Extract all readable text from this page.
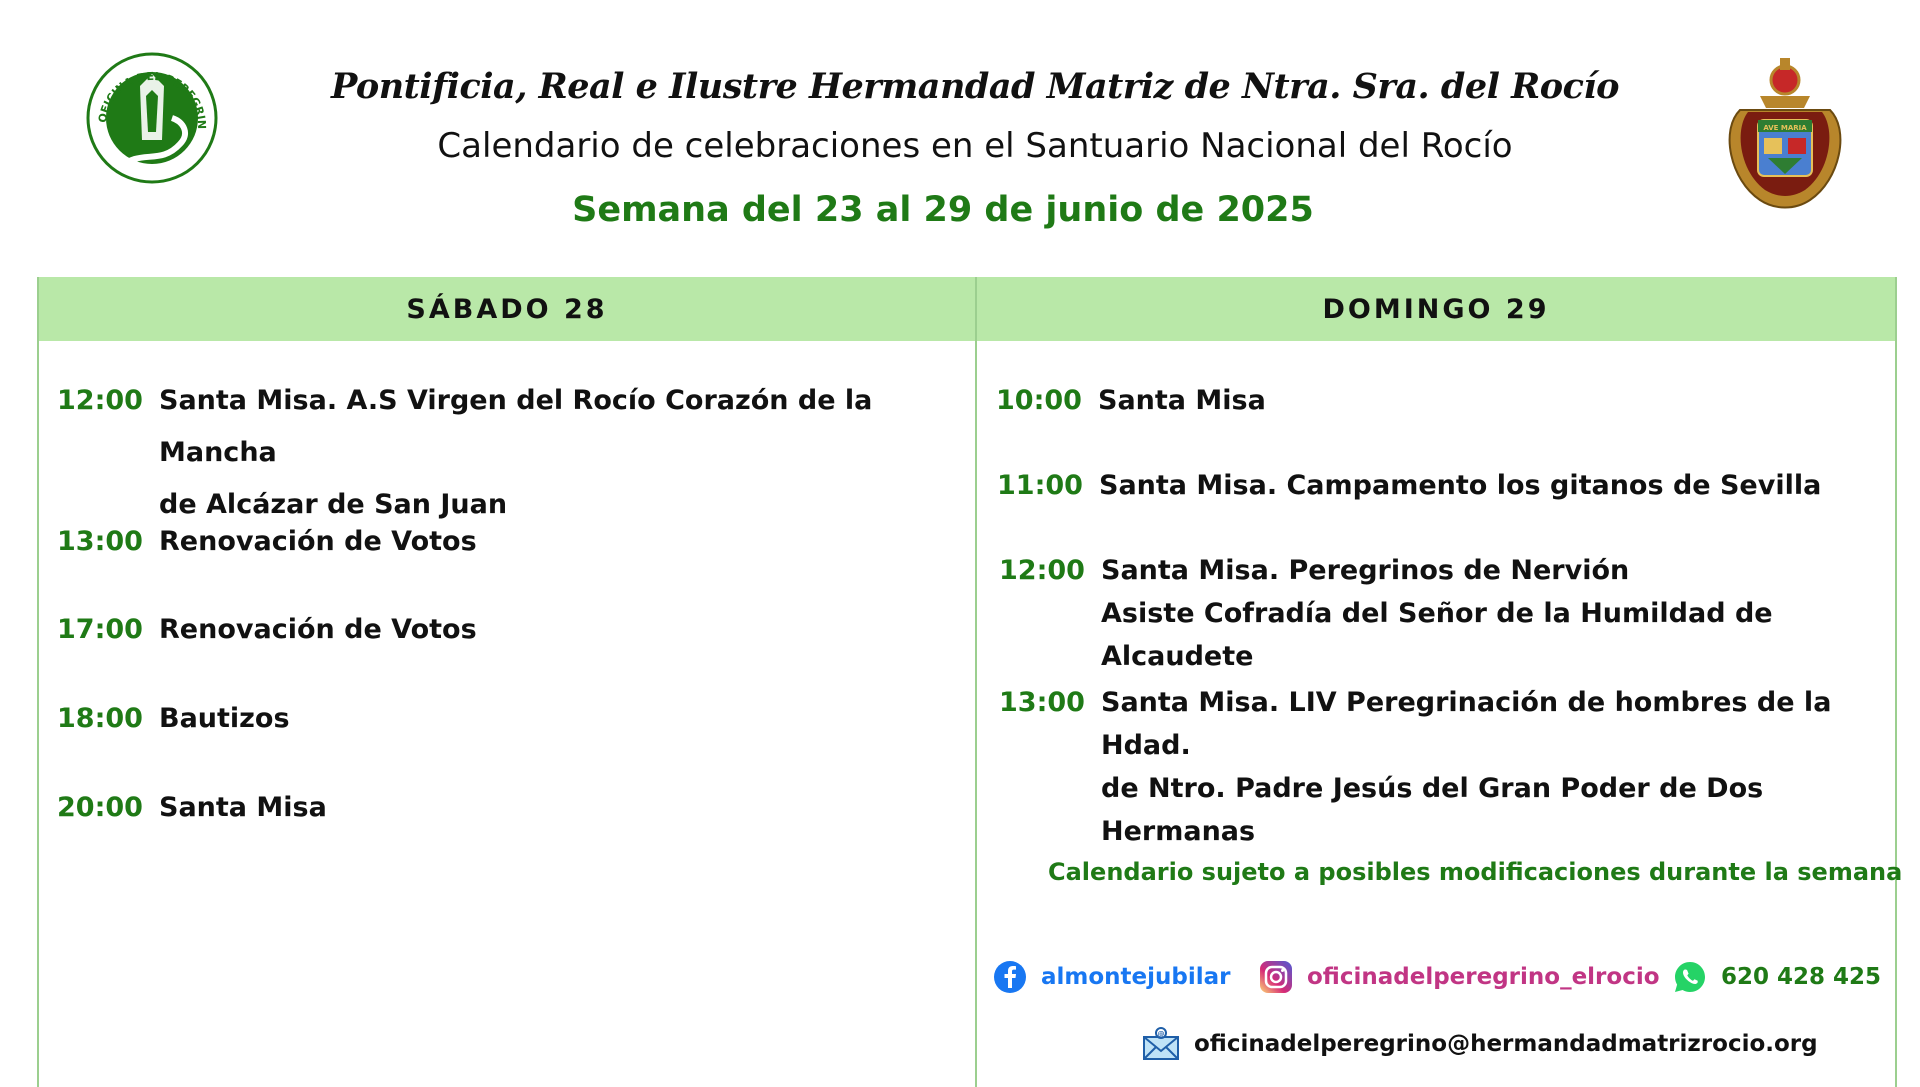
OFICINA DEL PEREGRIN	AVE MARIA
Pontificia, Real e Ilustre Hermandad Matriz de Ntra. Sra. del Rocío
Calendario de celebraciones en el Santuario Nacional del Rocío
Semana del 23 al 29 de junio de 2025
SÁBADO 28	DOMINGO 29
12:00 Santa Misa. A.S Virgen del Rocío Corazón de la Mancha
de Alcázar de San Juan
13:00 Renovación de Votos
17:00 Renovación de Votos
18:00 Bautizos
20:00 Santa Misa
10:00 Santa Misa
11:00 Santa Misa. Campamento los gitanos de Sevilla
12:00 Santa Misa. Peregrinos de Nervión
Asiste Cofradía del Señor de la Humildad de Alcaudete
13:00 Santa Misa. LIV Peregrinación de hombres de la Hdad.
de Ntro. Padre Jesús del Gran Poder de Dos Hermanas
Calendario sujeto a posibles modificaciones durante la semana
almontejubilar	oficinadelperegrino_elrocio	620 428 425
@ oficinadelperegrino@hermandadmatrizrocio.org
